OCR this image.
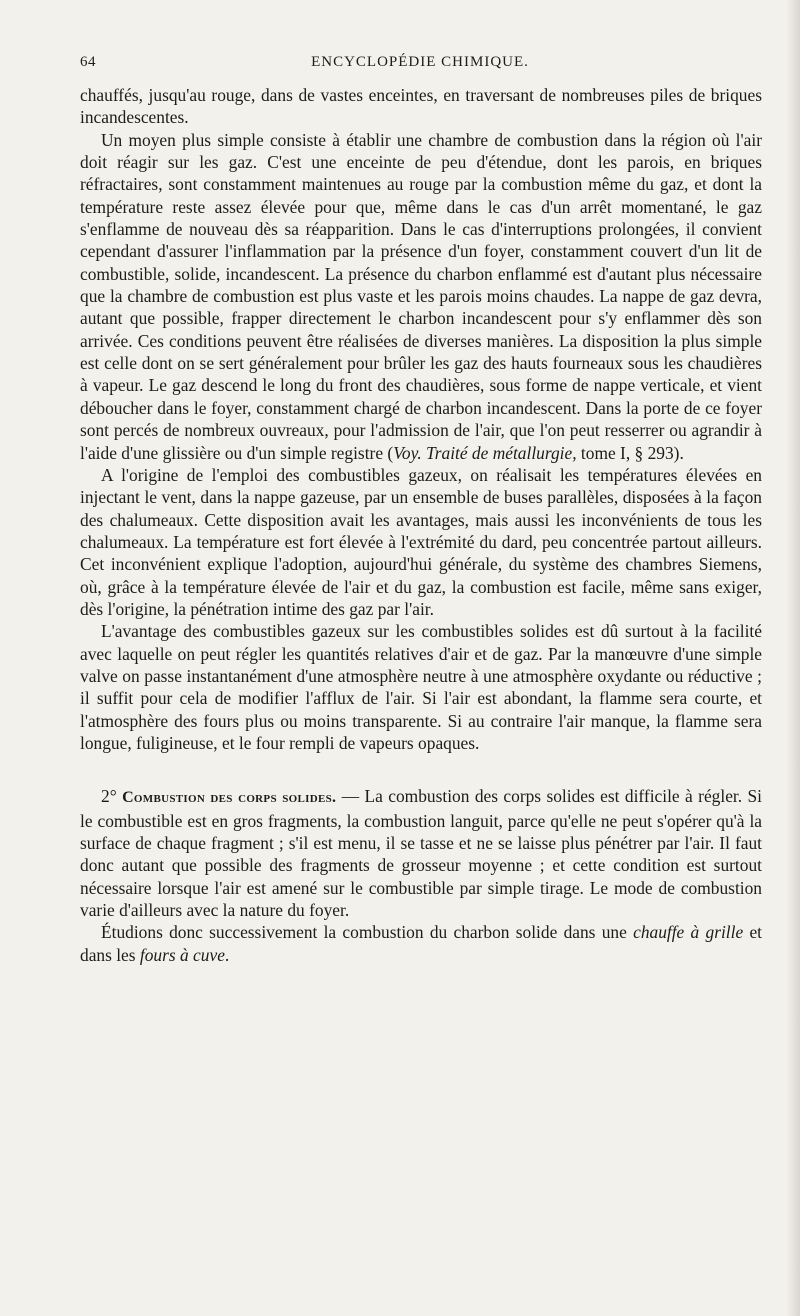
64	ENCYCLOPÉDIE CHIMIQUE.

chauffés, jusqu'au rouge, dans de vastes enceintes, en traversant de nombreuses piles de briques incandescentes.

Un moyen plus simple consiste à établir une chambre de combustion dans la région où l'air doit réagir sur les gaz. C'est une enceinte de peu d'étendue, dont les parois, en briques réfractaires, sont constamment maintenues au rouge par la combustion même du gaz, et dont la température reste assez élevée pour que, même dans le cas d'un arrêt momentané, le gaz s'enflamme de nouveau dès sa réapparition. Dans le cas d'interruptions prolongées, il convient cependant d'assurer l'inflammation par la présence d'un foyer, constamment couvert d'un lit de combustible, solide, incandescent. La présence du charbon enflammé est d'autant plus nécessaire que la chambre de combustion est plus vaste et les parois moins chaudes. La nappe de gaz devra, autant que possible, frapper directement le charbon incandescent pour s'y enflammer dès son arrivée. Ces conditions peuvent être réalisées de diverses manières. La disposition la plus simple est celle dont on se sert généralement pour brûler les gaz des hauts fourneaux sous les chaudières à vapeur. Le gaz descend le long du front des chaudières, sous forme de nappe verticale, et vient déboucher dans le foyer, constamment chargé de charbon incandescent. Dans la porte de ce foyer sont percés de nombreux ouvreaux, pour l'admission de l'air, que l'on peut resserrer ou agrandir à l'aide d'une glissière ou d'un simple registre (Voy. Traité de métallurgie, tome I, § 293).

A l'origine de l'emploi des combustibles gazeux, on réalisait les températures élevées en injectant le vent, dans la nappe gazeuse, par un ensemble de buses parallèles, disposées à la façon des chalumeaux. Cette disposition avait les avantages, mais aussi les inconvénients de tous les chalumeaux. La température est fort élevée à l'extrémité du dard, peu concentrée partout ailleurs. Cet inconvénient explique l'adoption, aujourd'hui générale, du système des chambres Siemens, où, grâce à la température élevée de l'air et du gaz, la combustion est facile, même sans exiger, dès l'origine, la pénétration intime des gaz par l'air.

L'avantage des combustibles gazeux sur les combustibles solides est dû surtout à la facilité avec laquelle on peut régler les quantités relatives d'air et de gaz. Par la manœuvre d'une simple valve on passe instantanément d'une atmosphère neutre à une atmosphère oxydante ou réductive ; il suffit pour cela de modifier l'afflux de l'air. Si l'air est abondant, la flamme sera courte, et l'atmosphère des fours plus ou moins transparente. Si au contraire l'air manque, la flamme sera longue, fuligineuse, et le four rempli de vapeurs opaques.

2° Combustion des corps solides. — La combustion des corps solides est difficile à régler. Si le combustible est en gros fragments, la combustion languit, parce qu'elle ne peut s'opérer qu'à la surface de chaque fragment ; s'il est menu, il se tasse et ne se laisse plus pénétrer par l'air. Il faut donc autant que possible des fragments de grosseur moyenne ; et cette condition est surtout nécessaire lorsque l'air est amené sur le combustible par simple tirage. Le mode de combustion varie d'ailleurs avec la nature du foyer.

Étudions donc successivement la combustion du charbon solide dans une chauffe à grille et dans les fours à cuve.
